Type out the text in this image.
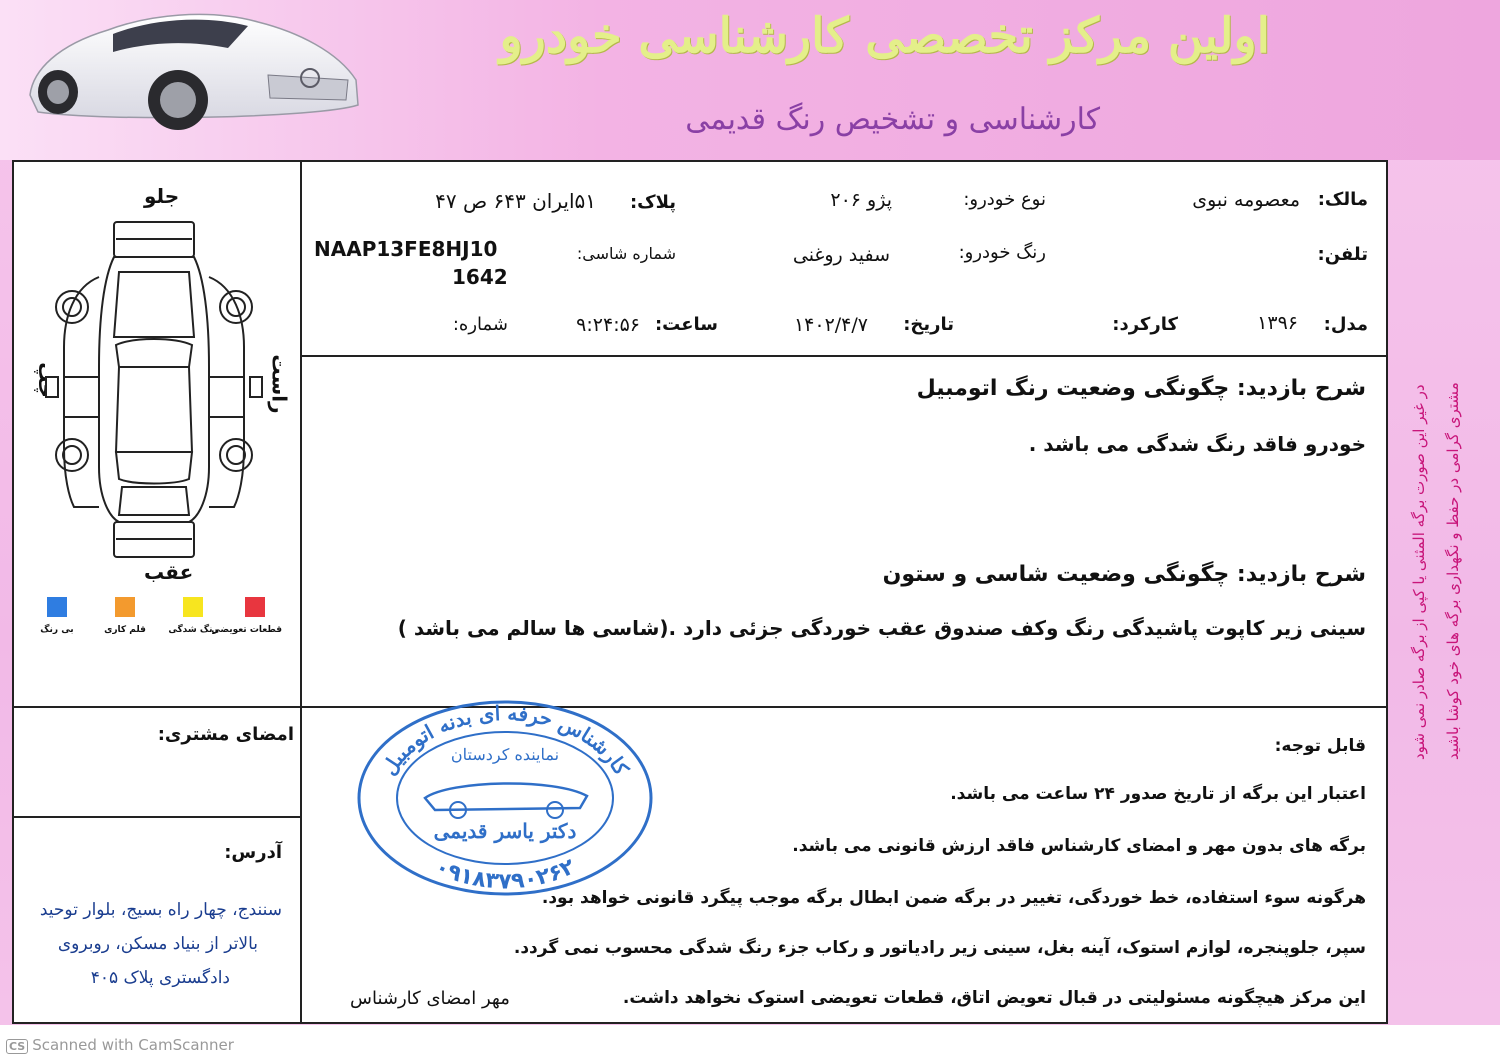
اولین مرکز تخصصی کارشناسی خودرو
کارشناسی و تشخیص رنگ قدیمی
مشتری گرامی در حفظ و نگهداری برگه های خود کوشا باشید
در غیر این صورت برگه المثنی یا کپی از برگه صادر نمی شود
جلو
عقب
راست
چپ
قطعات تعویضی
رنگ شدگی
قلم کاری
بی رنگ
امضای مشتری:
آدرس:
سنندج، چهار راه بسیج، بلوار توحید
بالاتر از بنیاد مسکن، روبروی
دادگستری پلاک ۴۰۵
مالک:
معصومه نبوی
نوع خودرو:
پژو ۲۰۶
پلاک:
۵۱ایران ۶۴۳ ص ۴۷
تلفن:
رنگ خودرو:
سفید روغنی
شماره شاسی:
NAAP13FE8HJ10
1642
مدل:
۱۳۹۶
کارکرد:
تاریخ:
۱۴۰۲/۴/۷
ساعت:
۹:۲۴:۵۶
شماره:
شرح بازدید: چگونگی وضعیت رنگ اتومبیل
خودرو فاقد رنگ شدگی می باشد .
شرح بازدید: چگونگی وضعیت شاسی و ستون
سینی زیر کاپوت پاشیدگی رنگ وکف صندوق عقب خوردگی جزئی دارد .(شاسی ها سالم می باشد )
قابل توجه:
اعتبار این برگه از تاریخ صدور ۲۴ ساعت می باشد.
برگه های بدون مهر و امضای کارشناس فاقد ارزش قانونی می باشد.
هرگونه سوء استفاده، خط خوردگی، تغییر در برگه ضمن ابطال برگه موجب پیگرد قانونی خواهد بود.
سپر، جلوپنجره، لوازم استوک، آینه بغل، سینی زیر رادیاتور و رکاب جزء رنگ شدگی محسوب نمی گردد.
این مرکز هیچگونه مسئولیتی در قبال تعویض اتاق، قطعات تعویضی استوک نخواهد داشت.
مهر امضای کارشناس
کارشناس حرفه ای بدنه اتومبیل
۰۹۱۸۳۷۹۰۲۶۲
نماینده کردستان
دکتر یاسر قدیمی
CS Scanned with CamScanner
